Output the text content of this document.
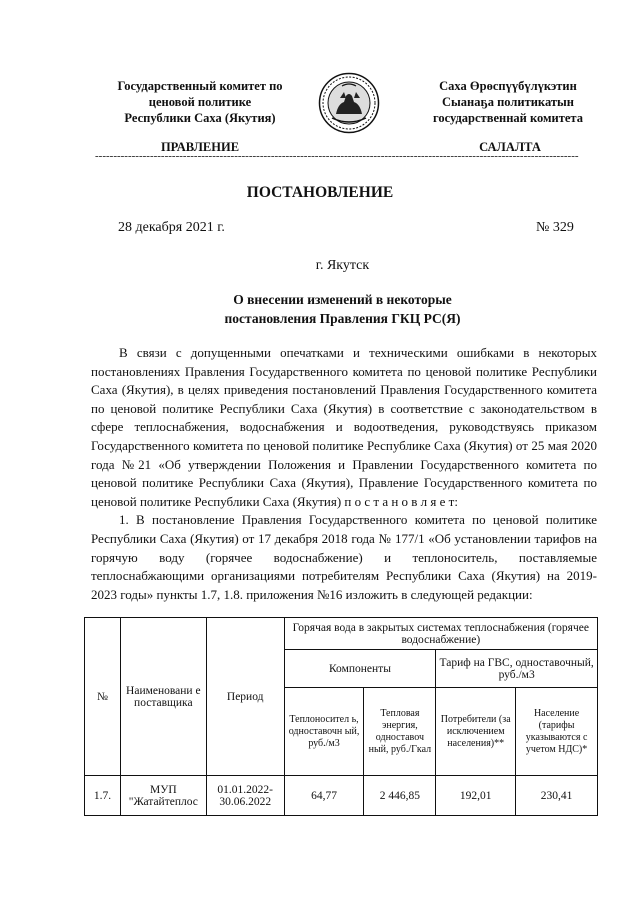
Государственный комитет по
ценовой политике
Республики Саха (Якутия)
Саха Өрөспүүбүлүкэтин
Сыанаҕа политикатын
государственнай комитета
ПРАВЛЕНИЕ	САЛАЛТА
------------------------------------------------------------------------------------------------------------------------------------
ПОСТАНОВЛЕНИЕ
28 декабря 2021 г.	№ 329
г. Якутск
О внесении изменений в некоторые
постановления Правления ГКЦ РС(Я)

В связи с допущенными опечатками и техническими ошибками в некоторых постановлениях Правления Государственного комитета по ценовой политике Республики Саха (Якутия), в целях приведения постановлений Правления Государственного комитета по ценовой политике Республики Саха (Якутия) в соответствие с законодательством в сфере теплоснабжения, водоснабжения и водоотведения, руководствуясь приказом Государственного комитета по ценовой политике Республике Саха (Якутия) от 25 мая 2020 года №21 «Об утверждении Положения и Правлении Государственного комитета по ценовой политике Республики Саха (Якутия), Правление Государственного комитета по ценовой политике Республики Саха (Якутия) п о с т а н о в л я е т:

1. В постановление Правления Государственного комитета по ценовой политике Республики Саха (Якутия) от 17 декабря 2018 года № 177/1 «Об установлении тарифов на горячую воду (горячее водоснабжение) и теплоноситель, поставляемые теплоснабжающими организациями потребителям Республики Саха (Якутия) на 2019-2023 годы» пункты 1.7, 1.8. приложения №16 изложить в следующей редакции:

№	Наименовани е поставщика	Период	Горячая вода в закрытых системах теплоснабжения (горячее водоснабжение)			
			Компоненты		Тариф на ГВС, одноставочный, руб./м3	
			Теплоносител ь, одноставочн ый, руб./м3	Тепловая энергия, одноставоч ный, руб./Гкал	Потребители (за исключением населения)**	Население (тарифы указываются с учетом НДС)*
1.7.	МУП "Жатайтеплос	01.01.2022-30.06.2022	64,77	2 446,85	192,01	230,41
